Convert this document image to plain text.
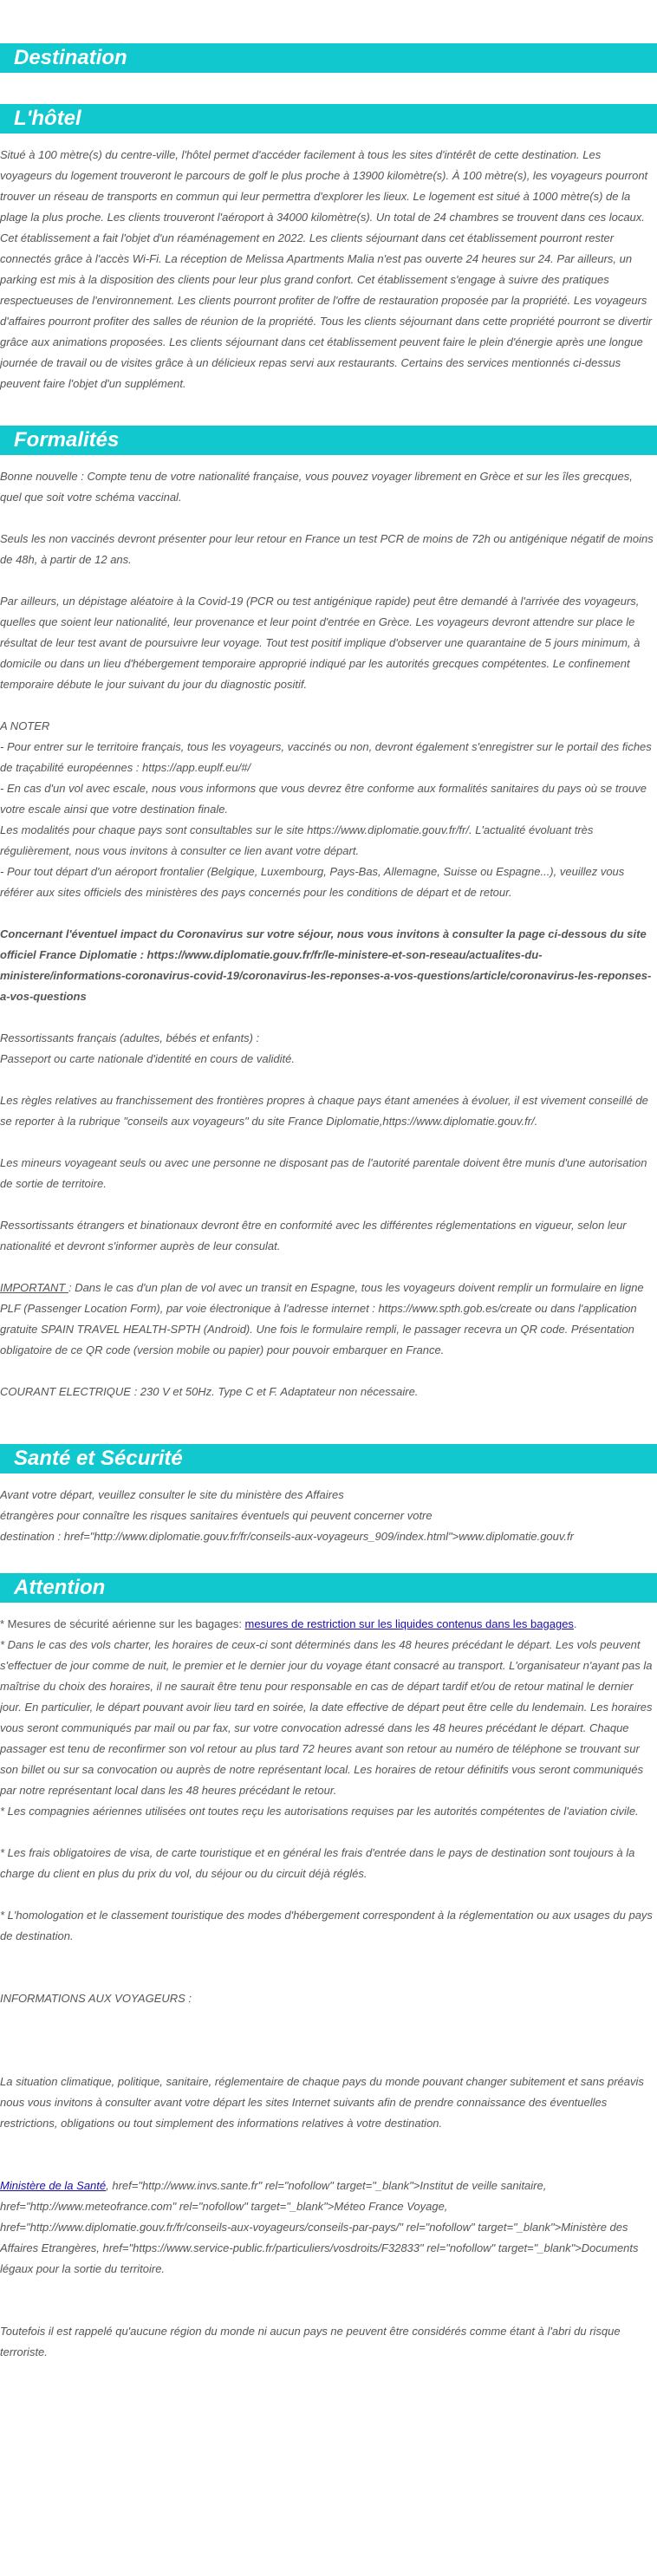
Destination
L'hôtel

Situé à 100 mètre(s) du centre-ville, l'hôtel permet d'accéder facilement à tous les sites d'intérêt de cette destination. Les voyageurs du logement trouveront le parcours de golf le plus proche à 13900 kilomètre(s). À 100 mètre(s), les voyageurs pourront trouver un réseau de transports en commun qui leur permettra d'explorer les lieux. Le logement est situé à 1000 mètre(s) de la plage la plus proche. Les clients trouveront l'aéroport à 34000 kilomètre(s). Un total de 24 chambres se trouvent dans ces locaux. Cet établissement a fait l'objet d'un réaménagement en 2022. Les clients séjournant dans cet établissement pourront rester connectés grâce à l'accès Wi-Fi. La réception de Melissa Apartments Malia n'est pas ouverte 24 heures sur 24. Par ailleurs, un parking est mis à la disposition des clients pour leur plus grand confort. Cet établissement s'engage à suivre des pratiques respectueuses de l'environnement. Les clients pourront profiter de l'offre de restauration proposée par la propriété. Les voyageurs d'affaires pourront profiter des salles de réunion de la propriété. Tous les clients séjournant dans cette propriété pourront se divertir grâce aux animations proposées. Les clients séjournant dans cet établissement peuvent faire le plein d'énergie après une longue journée de travail ou de visites grâce à un délicieux repas servi aux restaurants. Certains des services mentionnés ci-dessus peuvent faire l'objet d'un supplément.

Formalités

Bonne nouvelle : Compte tenu de votre nationalité française, vous pouvez voyager librement en Grèce et sur les îles grecques, quel que soit votre schéma vaccinal.

Seuls les non vaccinés devront présenter pour leur retour en France un test PCR de moins de 72h ou antigénique négatif de moins de 48h, à partir de 12 ans.

Par ailleurs, un dépistage aléatoire à la Covid-19 (PCR ou test antigénique rapide) peut être demandé à l'arrivée des voyageurs, quelles que soient leur nationalité, leur provenance et leur point d'entrée en Grèce. Les voyageurs devront attendre sur place le résultat de leur test avant de poursuivre leur voyage. Tout test positif implique d'observer une quarantaine de 5 jours minimum, à domicile ou dans un lieu d'hébergement temporaire approprié indiqué par les autorités grecques compétentes. Le confinement temporaire débute le jour suivant du jour du diagnostic positif.

A NOTER

- Pour entrer sur le territoire français, tous les voyageurs, vaccinés ou non, devront également s'enregistrer sur le portail des fiches de traçabilité européennes : https://app.euplf.eu/#/

- En cas d'un vol avec escale, nous vous informons que vous devrez être conforme aux formalités sanitaires du pays où se trouve votre escale ainsi que votre destination finale.

Les modalités pour chaque pays sont consultables sur le site https://www.diplomatie.gouv.fr/fr/. L'actualité évoluant très régulièrement, nous vous invitons à consulter ce lien avant votre départ.

- Pour tout départ d'un aéroport frontalier (Belgique, Luxembourg, Pays-Bas, Allemagne, Suisse ou Espagne...), veuillez vous référer aux sites officiels des ministères des pays concernés pour les conditions de départ et de retour.

Concernant l'éventuel impact du Coronavirus sur votre séjour, nous vous invitons à consulter la page ci-dessous du site officiel France Diplomatie : https://www.diplomatie.gouv.fr/fr/le-ministere-et-son-reseau/actualites-du-ministere/informations-coronavirus-covid-19/coronavirus-les-reponses-a-vos-questions/article/coronavirus-les-reponses-a-vos-questions

Ressortissants français (adultes, bébés et enfants) :

Passeport ou carte nationale d'identité en cours de validité.

Les règles relatives au franchissement des frontières propres à chaque pays étant amenées à évoluer, il est vivement conseillé de se reporter à la rubrique "conseils aux voyageurs" du site France Diplomatie,https://www.diplomatie.gouv.fr/.

Les mineurs voyageant seuls ou avec une personne ne disposant pas de l'autorité parentale doivent être munis d'une autorisation de sortie de territoire.

Ressortissants étrangers et binationaux devront être en conformité avec les différentes réglementations en vigueur, selon leur nationalité et devront s'informer auprès de leur consulat.

IMPORTANT : Dans le cas d'un plan de vol avec un transit en Espagne, tous les voyageurs doivent remplir un formulaire en ligne PLF (Passenger Location Form), par voie électronique à l'adresse internet : https://www.spth.gob.es/create ou dans l'application gratuite SPAIN TRAVEL HEALTH-SPTH (Android). Une fois le formulaire rempli, le passager recevra un QR code. Présentation obligatoire de ce QR code (version mobile ou papier) pour pouvoir embarquer en France.

COURANT ELECTRIQUE : 230 V et 50Hz. Type C et F. Adaptateur non nécessaire.

Santé et Sécurité

Avant votre départ, veuillez consulter le site du ministère des Affaires

étrangères pour connaître les risques sanitaires éventuels qui peuvent concerner votre

destination : href="http://www.diplomatie.gouv.fr/fr/conseils-aux-voyageurs_909/index.html">www.diplomatie.gouv.fr

Attention

* Mesures de sécurité aérienne sur les bagages: mesures de restriction sur les liquides contenus dans les bagages.

* Dans le cas des vols charter, les horaires de ceux-ci sont déterminés dans les 48 heures précédant le départ. Les vols peuvent s'effectuer de jour comme de nuit, le premier et le dernier jour du voyage étant consacré au transport. L'organisateur n'ayant pas la maîtrise du choix des horaires, il ne saurait être tenu pour responsable en cas de départ tardif et/ou de retour matinal le dernier jour. En particulier, le départ pouvant avoir lieu tard en soirée, la date effective de départ peut être celle du lendemain. Les horaires vous seront communiqués par mail ou par fax, sur votre convocation adressé dans les 48 heures précédant le départ. Chaque passager est tenu de reconfirmer son vol retour au plus tard 72 heures avant son retour au numéro de téléphone se trouvant sur son billet ou sur sa convocation ou auprès de notre représentant local. Les horaires de retour définitifs vous seront communiqués par notre représentant local dans les 48 heures précédant le retour.

* Les compagnies aériennes utilisées ont toutes reçu les autorisations requises par les autorités compétentes de l'aviation civile.

* Les frais obligatoires de visa, de carte touristique et en général les frais d'entrée dans le pays de destination sont toujours à la charge du client en plus du prix du vol, du séjour ou du circuit déjà réglés.

* L'homologation et le classement touristique des modes d'hébergement correspondent à la réglementation ou aux usages du pays de destination.

INFORMATIONS AUX VOYAGEURS :

La situation climatique, politique, sanitaire, réglementaire de chaque pays du monde pouvant changer subitement et sans préavis

nous vous invitons à consulter avant votre départ les sites Internet suivants afin de prendre connaissance des éventuelles restrictions, obligations ou tout simplement des informations relatives à votre destination.

Ministère de la Santé, href="http://www.invs.sante.fr" rel="nofollow" target="_blank">Institut de veille sanitaire, href="http://www.meteofrance.com" rel="nofollow" target="_blank">Méteo France Voyage, href="http://www.diplomatie.gouv.fr/fr/conseils-aux-voyageurs/conseils-par-pays/" rel="nofollow" target="_blank">Ministère des Affaires Etrangères, href="https://www.service-public.fr/particuliers/vosdroits/F32833" rel="nofollow" target="_blank">Documents légaux pour la sortie du territoire.

Toutefois il est rappelé qu'aucune région du monde ni aucun pays ne peuvent être considérés comme étant à l'abri du risque terroriste.
